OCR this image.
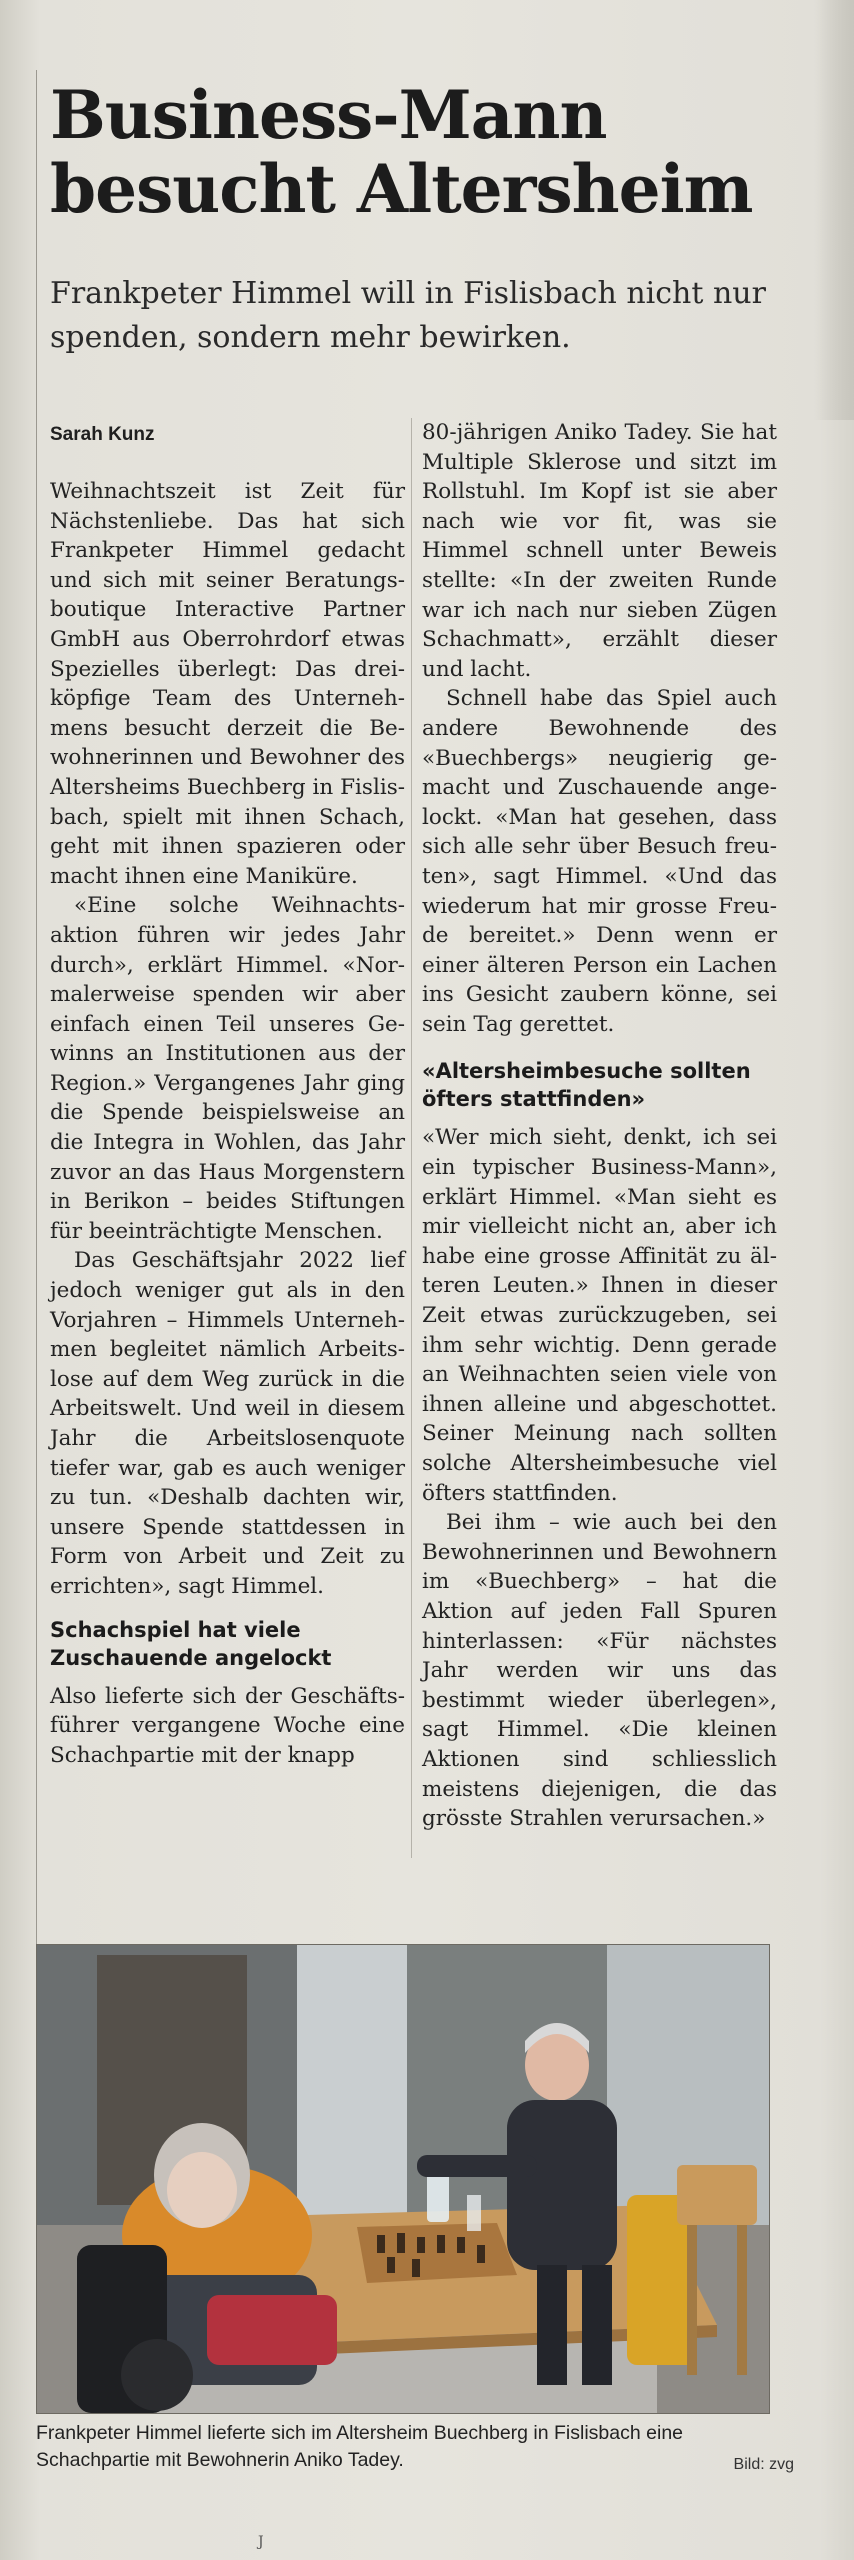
Business-Mann
besucht Altersheim

Frankpeter Himmel will in Fislisbach nicht nur spenden, sondern mehr bewirken.

Sarah Kunz

Weihnachtszeit ist Zeit für Nächstenliebe. Das hat sich Frankpeter Himmel gedacht und sich mit seiner Beratungsboutique Interactive Partner GmbH aus Oberrohrdorf etwas Spezielles überlegt: Das dreiköpfige Team des Unternehmens besucht derzeit die Bewohnerinnen und Bewohner des Altersheims Buechberg in Fislisbach, spielt mit ihnen Schach, geht mit ihnen spazieren oder macht ihnen eine Maniküre.

«Eine solche Weihnachtsaktion führen wir jedes Jahr durch», erklärt Himmel. «Normalerweise spenden wir aber einfach einen Teil unseres Gewinns an Institutionen aus der Region.» Vergangenes Jahr ging die Spende beispielsweise an die Integra in Wohlen, das Jahr zuvor an das Haus Morgenstern in Berikon – beides Stiftungen für beeinträchtigte Menschen.

Das Geschäftsjahr 2022 lief jedoch weniger gut als in den Vorjahren – Himmels Unternehmen begleitet nämlich Arbeitslose auf dem Weg zurück in die Arbeitswelt. Und weil in diesem Jahr die Arbeitslosenquote tiefer war, gab es auch weniger zu tun. «Deshalb dachten wir, unsere Spende stattdessen in Form von Arbeit und Zeit zu errichten», sagt Himmel.

Schachspiel hat viele Zuschauende angelockt

Also lieferte sich der Geschäftsführer vergangene Woche eine Schachpartie mit der knapp

80-jährigen Aniko Tadey. Sie hat Multiple Sklerose und sitzt im Rollstuhl. Im Kopf ist sie aber nach wie vor fit, was sie Himmel schnell unter Beweis stellte: «In der zweiten Runde war ich nach nur sieben Zügen Schachmatt», erzählt dieser und lacht.

Schnell habe das Spiel auch andere Bewohnende des «Buechbergs» neugierig gemacht und Zuschauende angelockt. «Man hat gesehen, dass sich alle sehr über Besuch freuten», sagt Himmel. «Und das wiederum hat mir grosse Freude bereitet.» Denn wenn er einer älteren Person ein Lachen ins Gesicht zaubern könne, sei sein Tag gerettet.

«Altersheimbesuche sollten öfters stattfinden»

«Wer mich sieht, denkt, ich sei ein typischer Business-Mann», erklärt Himmel. «Man sieht es mir vielleicht nicht an, aber ich habe eine grosse Affinität zu älteren Leuten.» Ihnen in dieser Zeit etwas zurückzugeben, sei ihm sehr wichtig. Denn gerade an Weihnachten seien viele von ihnen alleine und abgeschottet. Seiner Meinung nach sollten solche Altersheimbesuche viel öfters stattfinden.

Bei ihm – wie auch bei den Bewohnerinnen und Bewohnern im «Buechberg» – hat die Aktion auf jeden Fall Spuren hinterlassen: «Für nächstes Jahr werden wir uns das bestimmt wieder überlegen», sagt Himmel. «Die kleinen Aktionen sind schliesslich meistens diejenigen, die das grösste Strahlen verursachen.»

Frankpeter Himmel lieferte sich im Altersheim Buechberg in Fislisbach eine Schachpartie mit Bewohnerin Aniko Tadey.	Bild: zvg
J
